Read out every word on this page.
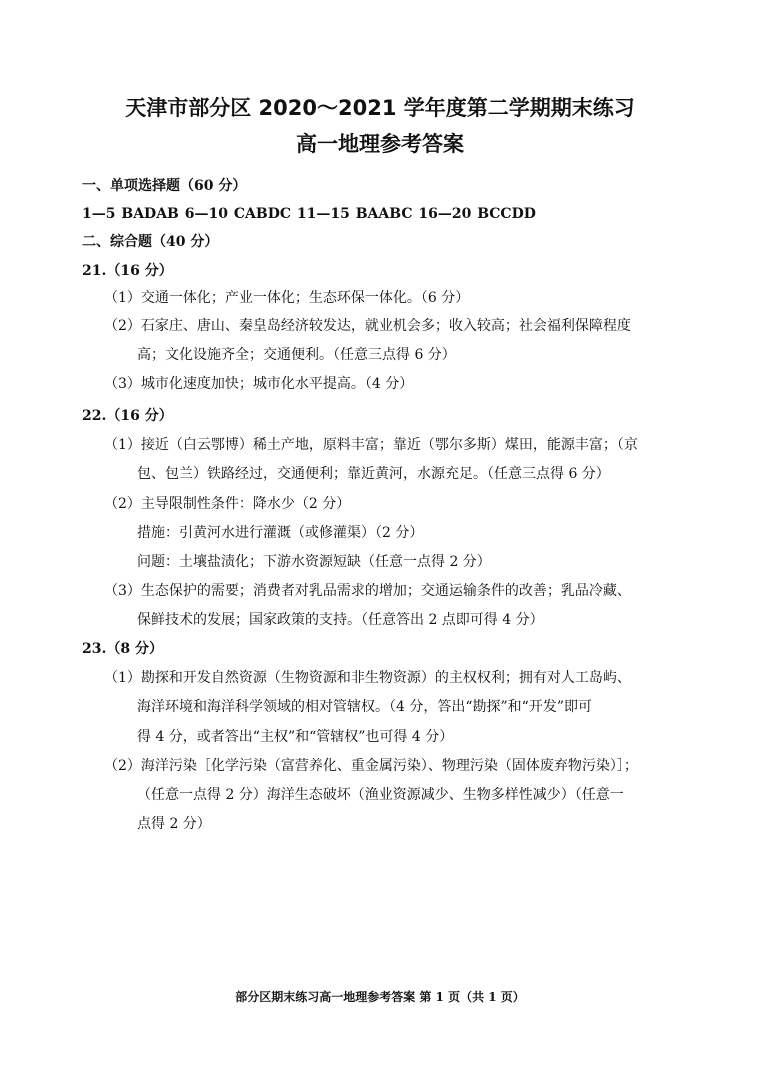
天津市部分区 2020～2021 学年度第二学期期末练习
高一地理参考答案
一、单项选择题（60 分）
1—5 BADAB 6—10 CABDC 11—15 BAABC 16—20 BCCDD
二、综合题（40 分）
21.（16 分）
（1）交通一体化；产业一体化；生态环保一体化。（6 分）
（2）石家庄、唐山、秦皇岛经济较发达，就业机会多；收入较高；社会福利保障程度
高；文化设施齐全；交通便利。（任意三点得 6 分）
（3）城市化速度加快；城市化水平提高。（4 分）
22.（16 分）
（1）接近（白云鄂博）稀土产地，原料丰富；靠近（鄂尔多斯）煤田，能源丰富；（京
包、包兰）铁路经过，交通便利；靠近黄河，水源充足。（任意三点得 6 分）
（2）主导限制性条件：降水少（2 分）
措施：引黄河水进行灌溉（或修灌渠）（2 分）
问题：土壤盐渍化；下游水资源短缺（任意一点得 2 分）
（3）生态保护的需要；消费者对乳品需求的增加；交通运输条件的改善；乳品冷藏、
保鲜技术的发展；国家政策的支持。（任意答出 2 点即可得 4 分）
23.（8 分）
（1）勘探和开发自然资源（生物资源和非生物资源）的主权权利；拥有对人工岛屿、
海洋环境和海洋科学领域的相对管辖权。（4 分，答出“勘探”和“开发”即可
得 4 分，或者答出“主权”和“管辖权”也可得 4 分）
（2）海洋污染［化学污染（富营养化、重金属污染）、物理污染（固体废弃物污染）］；
（任意一点得 2 分）海洋生态破坏（渔业资源减少、生物多样性减少）（任意一
点得 2 分）
部分区期末练习高一地理参考答案 第 1 页（共 1 页）
